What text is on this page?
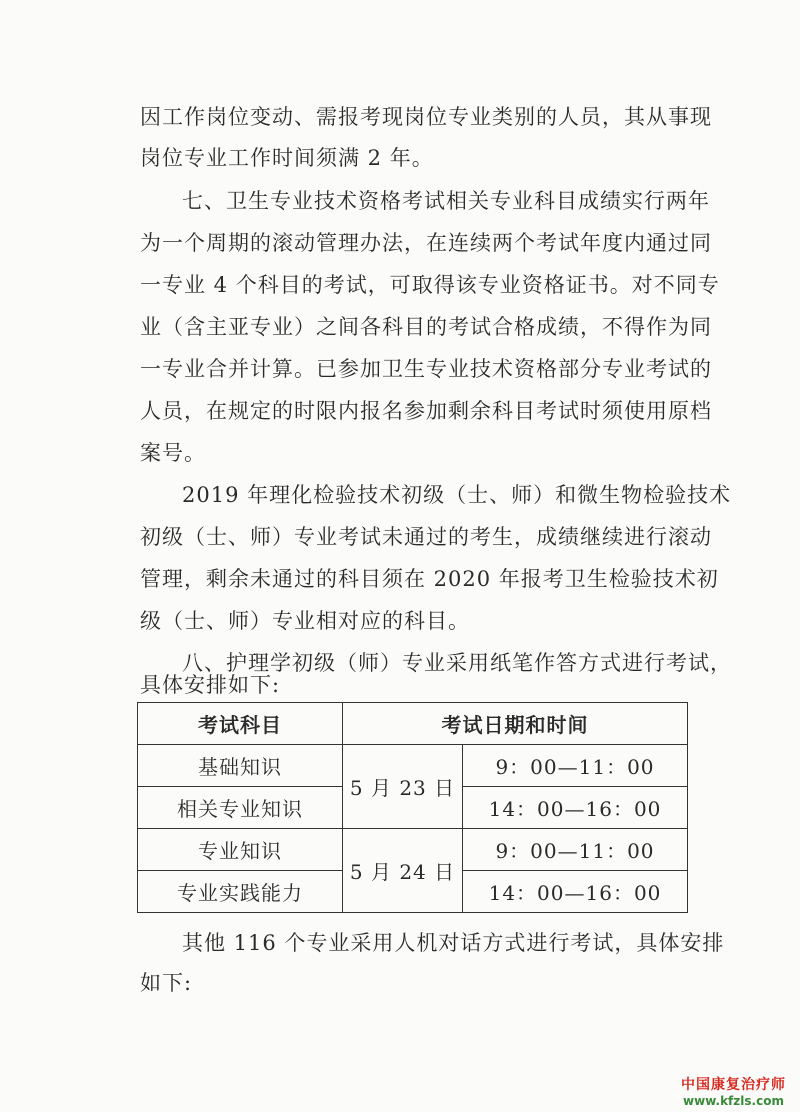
因工作岗位变动、需报考现岗位专业类别的人员，其从事现
岗位专业工作时间须满 2 年。
七、卫生专业技术资格考试相关专业科目成绩实行两年
为一个周期的滚动管理办法，在连续两个考试年度内通过同
一专业 4 个科目的考试，可取得该专业资格证书。对不同专
业（含主亚专业）之间各科目的考试合格成绩，不得作为同
一专业合并计算。已参加卫生专业技术资格部分专业考试的
人员，在规定的时限内报名参加剩余科目考试时须使用原档
案号。
2019 年理化检验技术初级（士、师）和微生物检验技术
初级（士、师）专业考试未通过的考生，成绩继续进行滚动
管理，剩余未通过的科目须在 2020 年报考卫生检验技术初
级（士、师）专业相对应的科目。
八、护理学初级（师）专业采用纸笔作答方式进行考试，
具体安排如下:
考试科目	考试日期和时间	
基础知识	5 月 23 日	9：00—11：00
相关专业知识		14：00—16：00
专业知识	5 月 24 日	9：00—11：00
专业实践能力		14：00—16：00
其他 116 个专业采用人机对话方式进行考试，具体安排
如下:
中国康复治疗师
www.kfzls.com
